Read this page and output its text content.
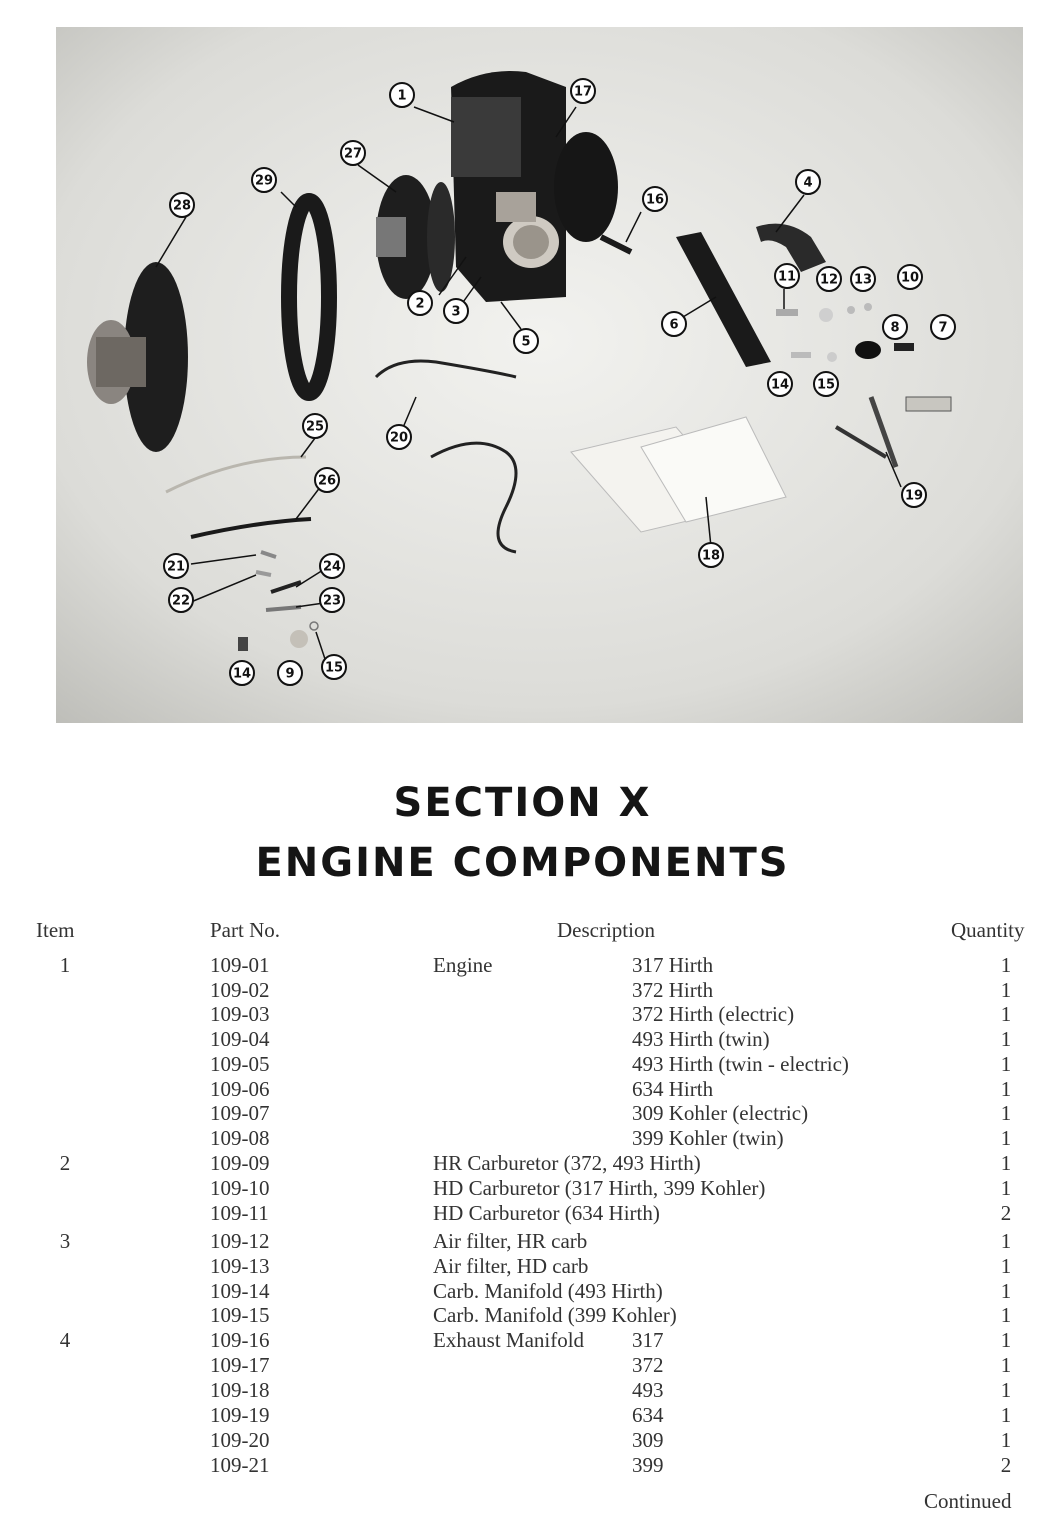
1	17
27
29
28	16
4
11 12 13 10
8	7
2
3
5
6
14 15
25
20
26
19
18
21	24
22	23
14	9 15
SECTION X
ENGINE COMPONENTS
Item	Part No.	Description	Quantity
1	109-01	Engine	317 Hirth	1
109-02	372 Hirth	1
109-03	372 Hirth (electric)	1
109-04	493 Hirth (twin)	1
109-05	493 Hirth (twin - electric)	1
109-06	634 Hirth	1
109-07	309 Kohler (electric)	1
109-08	399 Kohler (twin)	1
2	109-09	HR Carburetor (372, 493 Hirth)	1
109-10	HD Carburetor (317 Hirth, 399 Kohler)	1
109-11	HD Carburetor (634 Hirth)	2
3	109-12	Air filter, HR carb	1
109-13	Air filter, HD carb	1
109-14	Carb. Manifold (493 Hirth)	1
109-15	Carb. Manifold (399 Kohler)	1
4	109-16	Exhaust Manifold 317	1
109-17	372	1
109-18	493	1
109-19	634	1
109-20	309	1
109-21	399	2
Continued
